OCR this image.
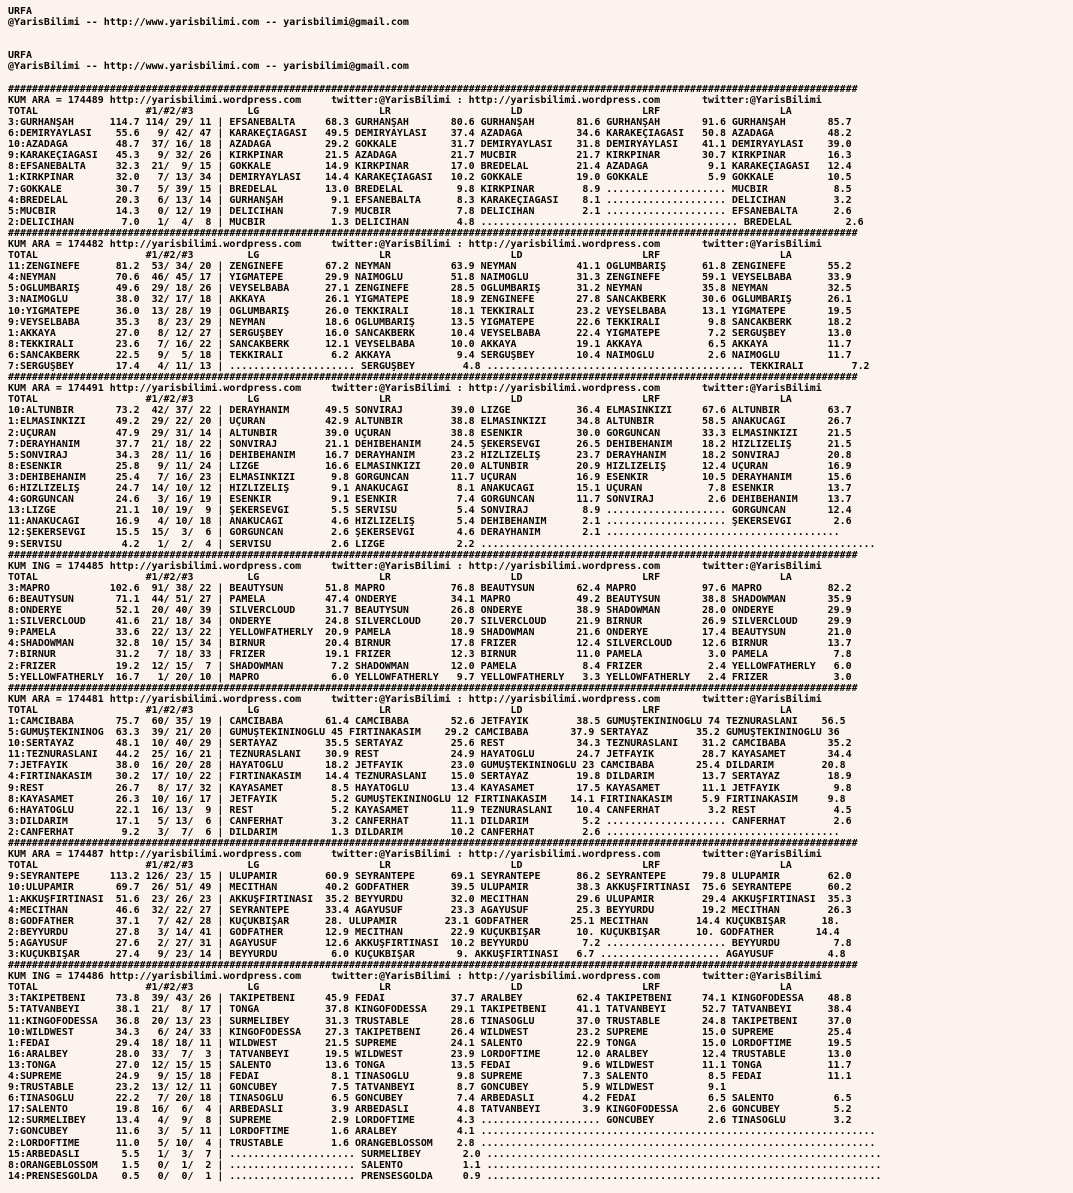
URFA
@YarisBilimi -- http://www.yarisbilimi.com -- yarisbilimi@gmail.com

URFA
@YarisBilimi -- http://www.yarisbilimi.com -- yarisbilimi@gmail.com

##############################################################################################################################################
KUM ARA = 174489 http://yarisbilimi.wordpress.com     twitter:@YarisBilimi : http://yarisbilimi.wordpress.com       twitter:@YarisBilimi
TOTAL                  #1/#2/#3         LG                    LR                    LD                    LRF                    LA
3:GURHANŞAH      114.7 114/ 29/ 11 | EFSANEBALTA     68.3 GURHANŞAH       80.6 GURHANŞAH       81.6 GURHANŞAH       91.6 GURHANŞAH       85.7
6:DEMIRYAYLASI    55.6   9/ 42/ 47 | KARAKEÇIAGASI   49.5 DEMIRYAYLASI    37.4 AZADAGA         34.6 KARAKEÇIAGASI   50.8 AZADAGA         48.2
10:AZADAGA        48.7  37/ 16/ 18 | AZADAGA         29.2 GOKKALE         31.7 DEMIRYAYLASI    31.8 DEMIRYAYLASI    41.1 DEMIRYAYLASI    39.0
9:KARAKEÇIAGASI   45.3   9/ 32/ 26 | KIRKPINAR       21.5 AZADAGA         21.7 MUCBIR          21.7 KIRKPINAR       30.7 KIRKPINAR       16.3
8:EFSANEBALTA     32.3  21/  9/ 15 | GOKKALE         14.9 KIRKPINAR       17.0 BREDELAL        21.4 AZADAGA          9.1 KARAKEÇIAGASI   12.4
1:KIRKPINAR       32.0   7/ 13/ 34 | DEMIRYAYLASI    14.4 KARAKEÇIAGASI   10.2 GOKKALE         19.0 GOKKALE          5.9 GOKKALE         10.5
7:GOKKALE         30.7   5/ 39/ 15 | BREDELAL        13.0 BREDELAL         9.8 KIRKPINAR        8.9 .................... MUCBIR           8.5
4:BREDELAL        20.3   6/ 13/ 14 | GURHANŞAH        9.1 EFSANEBALTA      8.3 KARAKEÇIAGASI    8.1 .................... DELICIHAN        3.2
5:MUCBIR          14.3   0/ 12/ 19 | DELICIHAN        7.9 MUCBIR           7.8 DELICIHAN        2.1 .................... EFSANEBALTA      2.6
2:DELICIHAN        7.0   1/  4/  8 | MUCBIR           1.3 DELICIHAN        4.8 ........................................... BREDELAL         2.6
##############################################################################################################################################
KUM ARA = 174482 http://yarisbilimi.wordpress.com     twitter:@YarisBilimi : http://yarisbilimi.wordpress.com       twitter:@YarisBilimi
TOTAL                  #1/#2/#3         LG                    LR                    LD                    LRF                    LA
11:ZENGINEFE      81.2  53/ 34/ 20 | ZENGINEFE       67.2 NEYMAN          63.9 NEYMAN          41.1 OGLUMBARIŞ      61.8 ZENGINEFE       55.2
4:NEYMAN          70.6  46/ 45/ 17 | YIGMATEPE       29.9 NAIMOGLU        51.8 NAIMOGLU        31.3 ZENGINEFE       59.1 VEYSELBABA      33.9
5:OGLUMBARIŞ      49.6  29/ 18/ 26 | VEYSELBABA      27.1 ZENGINEFE       28.5 OGLUMBARIŞ      31.2 NEYMAN          35.8 NEYMAN          32.5
3:NAIMOGLU        38.0  32/ 17/ 18 | AKKAYA          26.1 YIGMATEPE       18.9 ZENGINEFE       27.8 SANCAKBERK      30.6 OGLUMBARIŞ      26.1
10:YIGMATEPE      36.0  13/ 28/ 19 | OGLUMBARIŞ      26.0 TEKKIRALI       18.1 TEKKIRALI       23.2 VEYSELBABA      13.1 YIGMATEPE       19.5
9:VEYSELBABA      35.3   8/ 23/ 29 | NEYMAN          18.6 OGLUMBARIŞ      13.5 YIGMATEPE       22.6 TEKKIRALI        9.8 SANCAKBERK      18.2
1:AKKAYA          27.0   8/ 12/ 27 | SERGUŞBEY       16.0 SANCAKBERK      10.4 VEYSELBABA      22.4 YIGMATEPE        7.2 SERGUŞBEY       13.0
8:TEKKIRALI       23.6   7/ 16/ 22 | SANCAKBERK      12.1 VEYSELBABA      10.0 AKKAYA          19.1 AKKAYA           6.5 AKKAYA          11.7
6:SANCAKBERK      22.5   9/  5/ 18 | TEKKIRALI        6.2 AKKAYA           9.4 SERGUŞBEY       10.4 NAIMOGLU         2.6 NAIMOGLU        11.7
7:SERGUŞBEY       17.4   4/ 11/ 13 | ..................... SERGUŞBEY        4.8 ........................................... TEKKIRALI        7.2
##############################################################################################################################################
KUM ARA = 174491 http://yarisbilimi.wordpress.com     twitter:@YarisBilimi : http://yarisbilimi.wordpress.com       twitter:@YarisBilimi
TOTAL                  #1/#2/#3         LG                    LR                    LD                    LRF                    LA
10:ALTUNBIR       73.2  42/ 37/ 22 | DERAYHANIM      49.5 SONVIRAJ        39.0 LIZGE           36.4 ELMASINKIZI     67.6 ALTUNBIR        63.7
1:ELMASINKIZI     49.2  29/ 22/ 20 | UÇURAN          42.9 ALTUNBIR        38.8 ELMASINKIZI     34.8 ALTUNBIR        58.5 ANAKUCAGI       26.7
2:UÇURAN          47.9  29/ 31/ 14 | ALTUNBIR        39.0 UÇURAN          38.8 ESENKIR         30.0 GORGUNCAN       33.3 ELMASINKIZI     21.5
7:DERAYHANIM      37.7  21/ 18/ 22 | SONVIRAJ        21.1 DEHIBEHANIM     24.5 ŞEKERSEVGI      26.5 DEHIBEHANIM     18.2 HIZLIZELIŞ      21.5
5:SONVIRAJ        34.3  28/ 11/ 16 | DEHIBEHANIM     16.7 DERAYHANIM      23.2 HIZLIZELIŞ      23.7 DERAYHANIM      18.2 SONVIRAJ        20.8
8:ESENKIR         25.8   9/ 11/ 24 | LIZGE           16.6 ELMASINKIZI     20.0 ALTUNBIR        20.9 HIZLIZELIŞ      12.4 UÇURAN          16.9
3:DEHIBEHANIM     25.4   7/ 16/ 23 | ELMASINKIZI      9.8 GORGUNCAN       11.7 UÇURAN          16.9 ESENKIR         10.5 DERAYHANIM      15.6
6:HIZLIZELIŞ      24.7  14/ 10/ 12 | HIZLIZELIŞ       9.1 ANAKUCAGI        8.1 ANAKUCAGI       15.1 UÇURAN           7.8 ESENKIR         13.7
4:GORGUNCAN       24.6   3/ 16/ 19 | ESENKIR          9.1 ESENKIR          7.4 GORGUNCAN       11.7 SONVIRAJ         2.6 DEHIBEHANIM     13.7
13:LIZGE          21.1  10/ 19/  9 | ŞEKERSEVGI       5.5 SERVISU          5.4 SONVIRAJ         8.9 .................... GORGUNCAN       12.4
11:ANAKUCAGI      16.9   4/ 10/ 18 | ANAKUCAGI        4.6 HIZLIZELIŞ       5.4 DEHIBEHANIM      2.1 .................... ŞEKERSEVGI       2.6
12:ŞEKERSEVGI     15.5  15/  3/  6 | GORGUNCAN        2.6 ŞEKERSEVGI       4.6 DERAYHANIM       2.1 .......................................
9:SERVISU          4.2   1/  2/  4 | SERVISU          2.6 LIZGE            2.2 ..................................................................
##############################################################################################################################################
KUM ING = 174485 http://yarisbilimi.wordpress.com     twitter:@YarisBilimi : http://yarisbilimi.wordpress.com       twitter:@YarisBilimi
TOTAL                  #1/#2/#3         LG                    LR                    LD                    LRF                    LA
3:MAPRO          102.6  91/ 38/ 22 | BEAUTYSUN       51.8 MAPRO           76.8 BEAUTYSUN       62.4 MAPRO           97.6 MAPRO           82.2
6:BEAUTYSUN       71.1  44/ 51/ 27 | PAMELA          47.4 ONDERYE         34.1 MAPRO           49.2 BEAUTYSUN       38.8 SHADOWMAN       35.9
8:ONDERYE         52.1  20/ 40/ 39 | SILVERCLOUD     31.7 BEAUTYSUN       26.8 ONDERYE         38.9 SHADOWMAN       28.0 ONDERYE         29.9
1:SILVERCLOUD     41.6  21/ 18/ 34 | ONDERYE         24.8 SILVERCLOUD     20.7 SILVERCLOUD     21.9 BIRNUR          26.9 SILVERCLOUD     29.9
9:PAMELA          33.6  22/ 13/ 22 | YELLOWFATHERLY  20.9 PAMELA          18.9 SHADOWMAN       21.6 ONDERYE         17.4 BEAUTYSUN       21.0
4:SHADOWMAN       32.8  10/ 15/ 34 | BIRNUR          20.4 BIRNUR          17.8 FRIZER          12.4 SILVERCLOUD     12.6 BIRNUR          13.7
7:BIRNUR          31.2   7/ 18/ 33 | FRIZER          19.1 FRIZER          12.3 BIRNUR          11.0 PAMELA           3.0 PAMELA           7.8
2:FRIZER          19.2  12/ 15/  7 | SHADOWMAN        7.2 SHADOWMAN       12.0 PAMELA           8.4 FRIZER           2.4 YELLOWFATHERLY   6.0
5:YELLOWFATHERLY  16.7   1/ 20/ 10 | MAPRO            6.0 YELLOWFATHERLY   9.7 YELLOWFATHERLY   3.3 YELLOWFATHERLY   2.4 FRIZER           3.0
##############################################################################################################################################
KUM ARA = 174481 http://yarisbilimi.wordpress.com     twitter:@YarisBilimi : http://yarisbilimi.wordpress.com       twitter:@YarisBilimi
TOTAL                  #1/#2/#3         LG                    LR                    LD                    LRF                    LA
1:CAMCIBABA       75.7  60/ 35/ 19 | CAMCIBABA       61.4 CAMCIBABA       52.6 JETFAYIK        38.5 GUMUŞTEKININOGLU 74 TEZNURASLANI    56.5
5:GUMUŞTEKININOG  63.3  39/ 21/ 20 | GUMUŞTEKININOGLU 45 FIRTINAKASIM    29.2 CAMCIBABA       37.9 SERTAYAZ        35.2 GUMUŞTEKININOGLU 36
10:SERTAYAZ       48.1  10/ 40/ 29 | SERTAYAZ        35.5 SERTAYAZ        25.6 REST            34.3 TEZNURASLANI    31.2 CAMCIBABA       35.2
11:TEZNURASLANI   44.2  25/ 16/ 21 | TEZNURASLANI    30.9 REST            24.9 HAYATOGLU       24.7 JETFAYIK        28.7 KAYASAMET       34.4
7:JETFAYIK        38.0  16/ 20/ 28 | HAYATOGLU       18.2 JETFAYIK        23.0 GUMUŞTEKININOGLU 23 CAMCIBABA       25.4 DILDARIM        20.8
4:FIRTINAKASIM    30.2  17/ 10/ 22 | FIRTINAKASIM    14.4 TEZNURASLANI    15.0 SERTAYAZ        19.8 DILDARIM        13.7 SERTAYAZ        18.9
9:REST            26.7   8/ 17/ 32 | KAYASAMET        8.5 HAYATOGLU       13.4 KAYASAMET       17.5 KAYASAMET       11.1 JETFAYIK         9.8
8:KAYASAMET       26.3  10/ 16/ 17 | JETFAYIK         5.2 GUMUŞTEKININOGLU 12 FIRTINAKASIM    14.1 FIRTINAKASIM     5.9 FIRTINAKASIM     9.8
6:HAYATOGLU       22.1  16/ 13/  9 | REST             5.2 KAYASAMET       11.9 TEZNURASLANI    10.4 CANFERHAT        3.2 REST             4.5
3:DILDARIM        17.1   5/ 13/  6 | CANFERHAT        3.2 CANFERHAT       11.1 DILDARIM         5.2 .................... CANFERHAT        2.6
2:CANFERHAT        9.2   3/  7/  6 | DILDARIM         1.3 DILDARIM        10.2 CANFERHAT        2.6 .......................................
##############################################################################################################################################
KUM ARA = 174487 http://yarisbilimi.wordpress.com     twitter:@YarisBilimi : http://yarisbilimi.wordpress.com       twitter:@YarisBilimi
TOTAL                  #1/#2/#3         LG                    LR                    LD                    LRF                    LA
9:SEYRANTEPE     113.2 126/ 23/ 15 | ULUPAMIR        60.9 SEYRANTEPE      69.1 SEYRANTEPE      86.2 SEYRANTEPE      79.8 ULUPAMIR        62.0
10:ULUPAMIR       69.7  26/ 51/ 49 | MECITHAN        40.2 GODFATHER       39.5 ULUPAMIR        38.3 AKKUŞFIRTINASI  75.6 SEYRANTEPE      60.2
1:AKKUŞFIRTINASI  51.6  23/ 26/ 23 | AKKUŞFIRTINASI  35.2 BEYYURDU        32.0 MECITHAN        29.6 ULUPAMIR        29.4 AKKUŞFIRTINASI  35.3
4:MECITHAN        46.6  32/ 22/ 27 | SEYRANTEPE      33.4 AGAYUSUF        23.3 AGAYUSUF        25.3 BEYYURDU        19.2 MECITHAN        26.3
8:GODFATHER       37.1   7/ 42/ 28 | KUÇUKBIŞAR      28. ULUPAMIR        23.1 GODFATHER       25.1 MECITHAN        14.4 KUÇUKBIŞAR      18.
2:BEYYURDU        27.8   3/ 14/ 41 | GODFATHER       12.9 MECITHAN        22.9 KUÇUKBIŞAR      10. KUÇUKBIŞAR      10. GODFATHER       14.4
5:AGAYUSUF        27.6   2/ 27/ 31 | AGAYUSUF        12.6 AKKUŞFIRTINASI  10.2 BEYYURDU         7.2 .................... BEYYURDU         7.8
3:KUÇUKBIŞAR      27.4   9/ 23/ 14 | BEYYURDU         6.0 KUÇUKBIŞAR       9. AKKUŞFIRTINASI   6.7 .................... AGAYUSUF         4.8
##############################################################################################################################################
KUM ING = 174486 http://yarisbilimi.wordpress.com     twitter:@YarisBilimi : http://yarisbilimi.wordpress.com       twitter:@YarisBilimi
TOTAL                  #1/#2/#3         LG                    LR                    LD                    LRF                    LA
3:TAKIPETBENI     73.8  39/ 43/ 26 | TAKIPETBENI     45.9 FEDAI           37.7 ARALBEY         62.4 TAKIPETBENI     74.1 KINGOFODESSA    48.8
5:TATVANBEYI      38.1  21/  8/ 17 | TONGA           37.8 KINGOFODESSA    29.1 TAKIPETBENI     41.1 TATVANBEYI      52.7 TATVANBEYI      38.4
11:KINGOFODESSA   36.8  20/ 13/ 23 | SURMELIBEY      31.3 TRUSTABLE       28.6 TINASOGLU       37.0 TRUSTABLE       24.8 TAKIPETBENI     37.0
10:WILDWEST       34.3   6/ 24/ 33 | KINGOFODESSA    27.3 TAKIPETBENI     26.4 WILDWEST        23.2 SUPREME         15.0 SUPREME         25.4
1:FEDAI           29.4  18/ 18/ 11 | WILDWEST        21.5 SUPREME         24.1 SALENTO         22.9 TONGA           15.0 LORDOFTIME      19.5
16:ARALBEY        28.0  33/  7/  3 | TATVANBEYI      19.5 WILDWEST        23.9 LORDOFTIME      12.0 ARALBEY         12.4 TRUSTABLE       13.0
13:TONGA          27.0  12/ 15/ 15 | SALENTO         13.6 TONGA           13.5 FEDAI            9.6 WILDWEST        11.1 TONGA           11.7
4:SUPREME         24.9   9/ 15/ 18 | FEDAI            8.1 TINASOGLU        9.8 SUPREME          7.3 SALENTO          8.5 FEDAI           11.1
9:TRUSTABLE       23.2  13/ 12/ 11 | GONCUBEY         7.5 TATVANBEYI       8.7 GONCUBEY         5.9 WILDWEST         9.1
6:TINASOGLU       22.2   7/ 20/ 18 | TINASOGLU        6.5 GONCUBEY         7.4 ARBEDASLI        4.2 FEDAI            6.5 SALENTO          6.5
17:SALENTO        19.8  16/  6/  4 | ARBEDASLI        3.9 ARBEDASLI        4.8 TATVANBEYI       3.9 KINGOFODESSA     2.6 GONCUBEY         5.2
12:SURMELIBEY     13.4   4/  9/  8 | SUPREME          2.9 LORDOFTIME       4.3 .................... GONCUBEY         2.6 TINASOGLU        3.2
7:GONCUBEY        11.6   3/  5/ 11 | LORDOFTIME       1.6 ARALBEY          4.1 ..................................................................
2:LORDOFTIME      11.0   5/ 10/  4 | TRUSTABLE        1.6 ORANGEBLOSSOM    2.8 ..................................................................
15:ARBEDASLI       5.5   1/  3/  7 | ..................... SURMELIBEY       2.0 ..................................................................
8:ORANGEBLOSSOM    1.5   0/  1/  2 | ..................... SALENTO          1.1 ..................................................................
14:PRENSESGOLDA    0.5   0/  0/  1 | ..................... PRENSESGOLDA     0.9 ..................................................................
